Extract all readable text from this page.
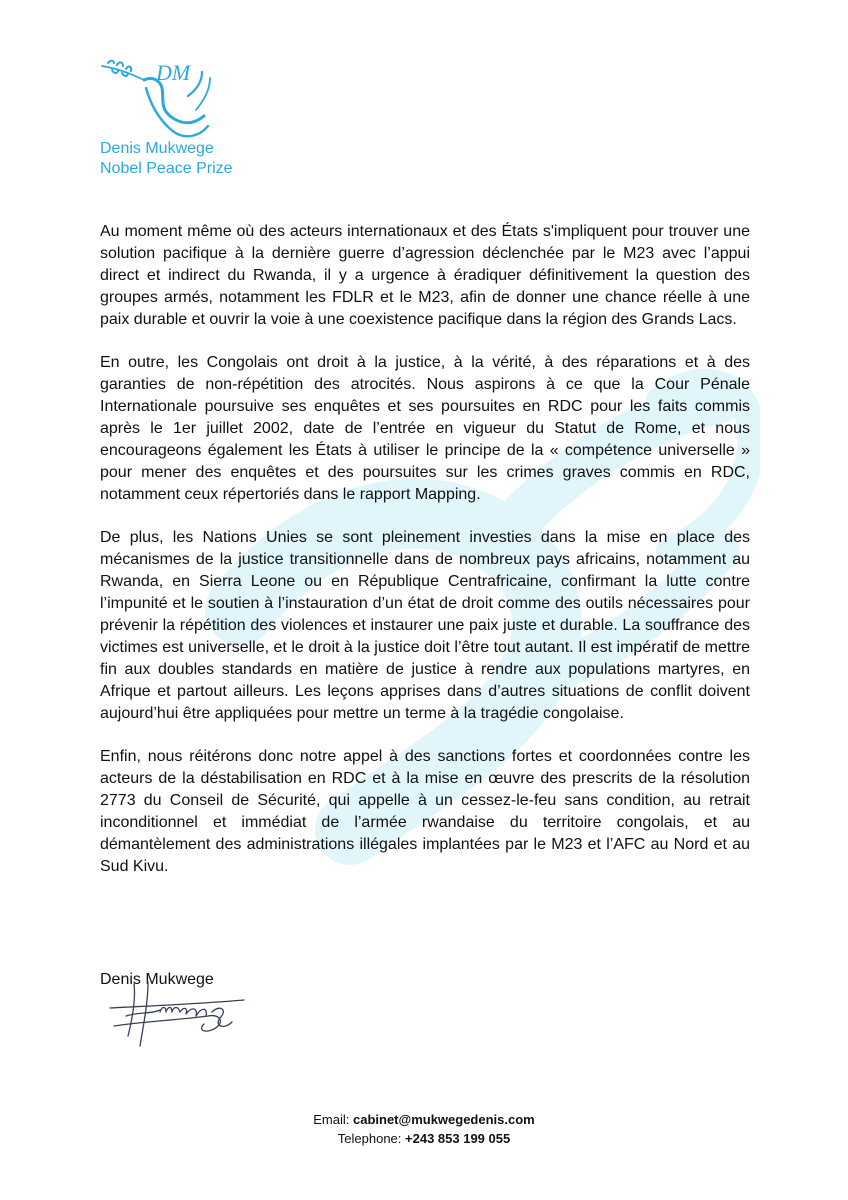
DM
Denis Mukwege
Nobel Peace Prize

Au moment même où des acteurs internationaux et des États s'impliquent pour trouver une solution pacifique à la dernière guerre d’agression déclenchée par le M23 avec l’appui direct et indirect du Rwanda, il y a urgence à éradiquer définitivement la question des groupes armés, notamment les FDLR et le M23, afin de donner une chance réelle à une paix durable et ouvrir la voie à une coexistence pacifique dans la région des Grands Lacs.

En outre, les Congolais ont droit à la justice, à la vérité, à des réparations et à des garanties de non-répétition des atrocités. Nous aspirons à ce que la Cour Pénale Internationale poursuive ses enquêtes et ses poursuites en RDC pour les faits commis après le 1er juillet 2002, date de l’entrée en vigueur du Statut de Rome, et nous encourageons également les États à utiliser le principe de la « compétence universelle » pour mener des enquêtes et des poursuites sur les crimes graves commis en RDC, notamment ceux répertoriés dans le rapport Mapping.

De plus, les Nations Unies se sont pleinement investies dans la mise en place des mécanismes de la justice transitionnelle dans de nombreux pays africains, notamment au Rwanda, en Sierra Leone ou en République Centrafricaine, confirmant la lutte contre l’impunité et le soutien à l’instauration d’un état de droit comme des outils nécessaires pour prévenir la répétition des violences et instaurer une paix juste et durable. La souffrance des victimes est universelle, et le droit à la justice doit l’être tout autant. Il est impératif de mettre fin aux doubles standards en matière de justice à rendre aux populations martyres, en Afrique et partout ailleurs. Les leçons apprises dans d’autres situations de conflit doivent aujourd’hui être appliquées pour mettre un terme à la tragédie congolaise.

Enfin, nous réitérons donc notre appel à des sanctions fortes et coordonnées contre les acteurs de la déstabilisation en RDC et à la mise en œuvre des prescrits de la résolution 2773 du Conseil de Sécurité, qui appelle à un cessez-le-feu sans condition, au retrait inconditionnel et immédiat de l’armée rwandaise du territoire congolais, et au démantèlement des administrations illégales implantées par le M23 et l’AFC au Nord et au Sud Kivu.

Denis Mukwege
Email: cabinet@mukwegedenis.com
Telephone: +243 853 199 055
